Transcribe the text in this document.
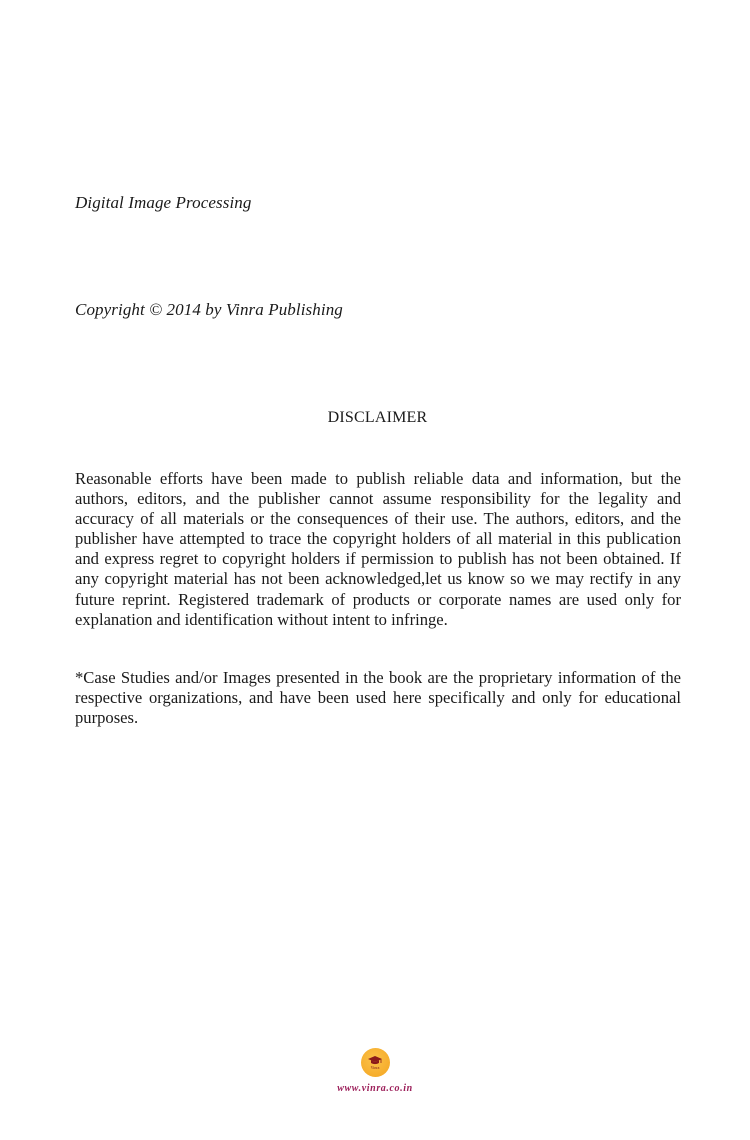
Digital Image Processing
Copyright © 2014 by Vinra Publishing
DISCLAIMER

Reasonable efforts have been made to publish reliable data and information, but the authors, editors, and the publisher cannot assume responsibility for the legality and accuracy of all materials or the consequences of their use. The authors, editors, and the publisher have attempted to trace the copyright holders of all material in this publication and express regret to copyright holders if permission to publish has not been obtained. If any copyright material has not been acknowledged,let us know so we may rectify in any future reprint. Registered trademark of products or corporate names are used only for explanation and identification without intent to infringe.

*Case Studies and/or Images presented in the book are the proprietary information of the respective organizations, and have been used here specifically and only for educational purposes.

Vinra
www.vinra.co.in
